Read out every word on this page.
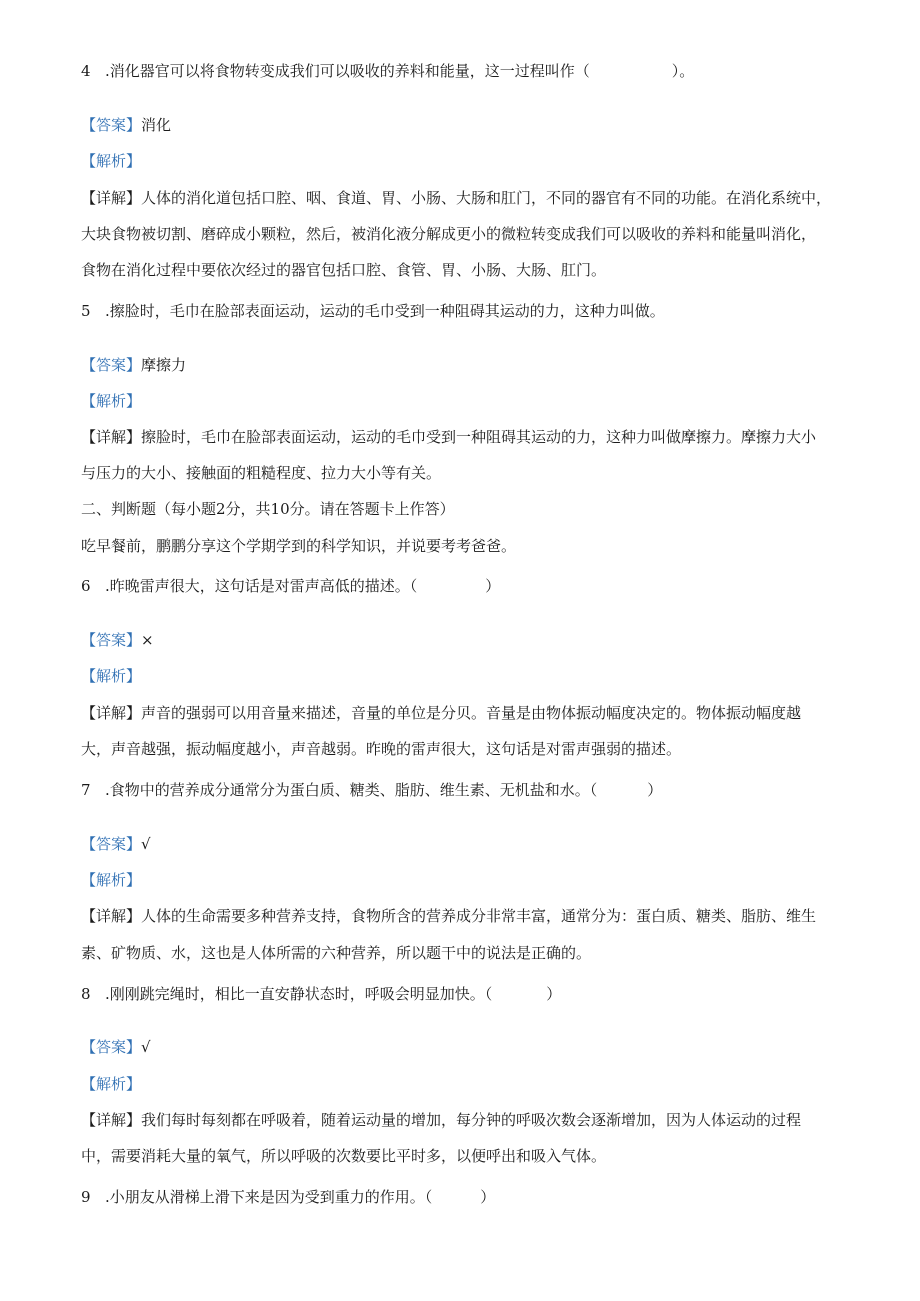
4 .消化器官可以将食物转变成我们可以吸收的养料和能量，这一过程叫作（	）。
【答案】消化
【解析】
【详解】人体的消化道包括口腔、咽、食道、胃、小肠、大肠和肛门，不同的器官有不同的功能。在消化系统中，
大块食物被切割、磨碎成小颗粒，然后，被消化液分解成更小的微粒转变成我们可以吸收的养料和能量叫消化，
食物在消化过程中要依次经过的器官包括口腔、食管、胃、小肠、大肠、肛门。
5 .擦脸时，毛巾在脸部表面运动，运动的毛巾受到一种阻碍其运动的力，这种力叫做。
【答案】摩擦力
【解析】
【详解】擦脸时，毛巾在脸部表面运动，运动的毛巾受到一种阻碍其运动的力，这种力叫做摩擦力。摩擦力大小
与压力的大小、接触面的粗糙程度、拉力大小等有关。
二、判断题（每小题2分，共10分。请在答题卡上作答）
吃早餐前，鹏鹏分享这个学期学到的科学知识，并说要考考爸爸。
6 .昨晚雷声很大，这句话是对雷声高低的描述。（	）
【答案】×
【解析】
【详解】声音的强弱可以用音量来描述，音量的单位是分贝。音量是由物体振动幅度决定的。物体振动幅度越
大，声音越强，振动幅度越小，声音越弱。昨晚的雷声很大，这句话是对雷声强弱的描述。
7 .食物中的营养成分通常分为蛋白质、糖类、脂肪、维生素、无机盐和水。（	）
【答案】√
【解析】
【详解】人体的生命需要多种营养支持，食物所含的营养成分非常丰富，通常分为：蛋白质、糖类、脂肪、维生
素、矿物质、水，这也是人体所需的六种营养，所以题干中的说法是正确的。
8 .刚刚跳完绳时，相比一直安静状态时，呼吸会明显加快。（	）
【答案】√
【解析】
【详解】我们每时每刻都在呼吸着，随着运动量的增加，每分钟的呼吸次数会逐渐增加，因为人体运动的过程
中，需要消耗大量的氧气，所以呼吸的次数要比平时多，以便呼出和吸入气体。
9 .小朋友从滑梯上滑下来是因为受到重力的作用。（	）
